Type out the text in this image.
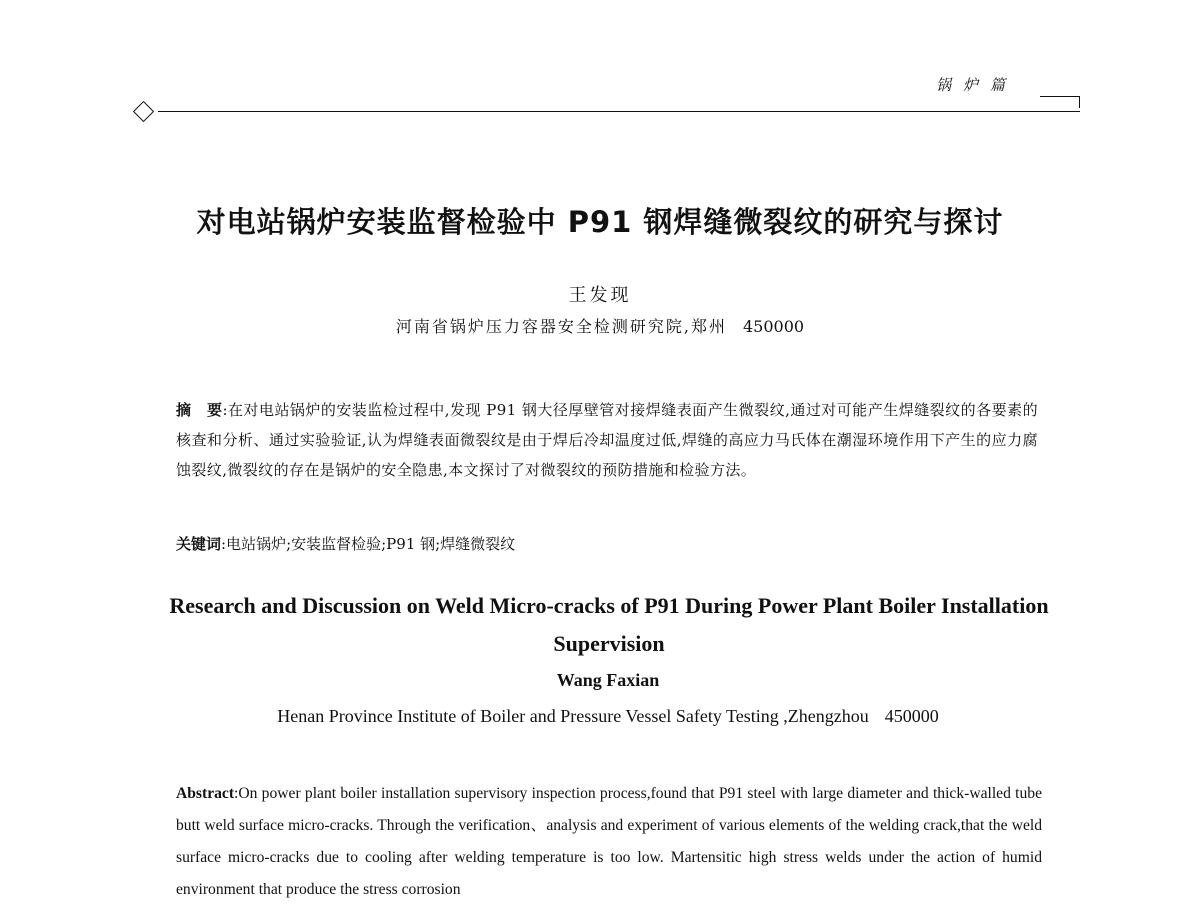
锅炉篇
对电站锅炉安装监督检验中 P91 钢焊缝微裂纹的研究与探讨
王发现
河南省锅炉压力容器安全检测研究院,郑州 450000
摘　要:在对电站锅炉的安装监检过程中,发现 P91 钢大径厚壁管对接焊缝表面产生微裂纹,通过对可能产生焊缝裂纹的各要素的核查和分析、通过实验验证,认为焊缝表面微裂纹是由于焊后冷却温度过低,焊缝的高应力马氏体在潮湿环境作用下产生的应力腐蚀裂纹,微裂纹的存在是锅炉的安全隐患,本文探讨了对微裂纹的预防措施和检验方法。
关键词:电站锅炉;安装监督检验;P91 钢;焊缝微裂纹
Research and Discussion on Weld Micro-cracks of P91 During Power Plant Boiler Installation Supervision
Wang Faxian
Henan Province Institute of Boiler and Pressure Vessel Safety Testing ,Zhengzhou 450000
Abstract:On power plant boiler installation supervisory inspection process,found that P91 steel with large diameter and thick-walled tube butt weld surface micro-cracks. Through the verification、analysis and experiment of various elements of the welding crack,that the weld surface micro-cracks due to cooling after welding temperature is too low. Martensitic high stress welds under the action of humid environment that produce the stress corrosion
